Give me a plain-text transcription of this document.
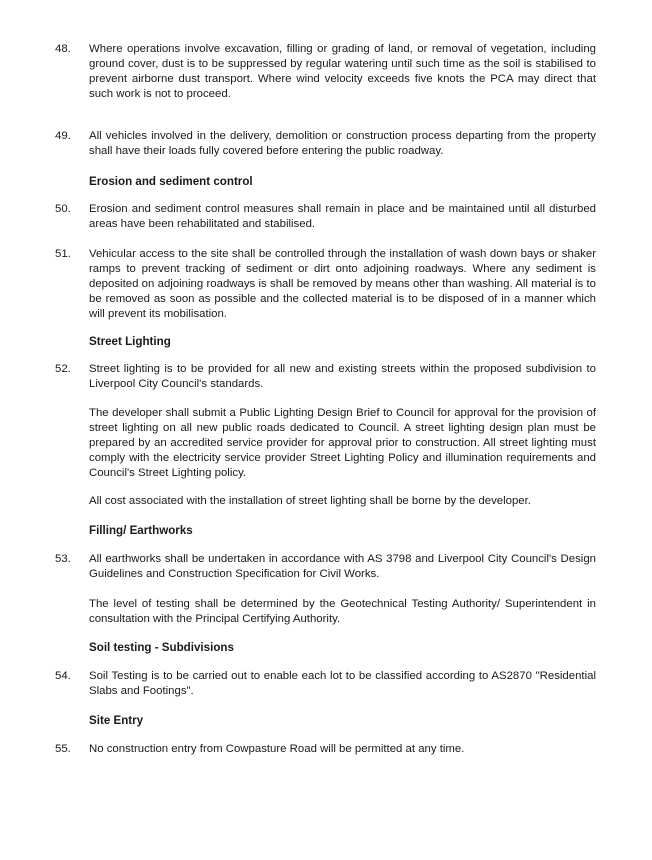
48.	Where operations involve excavation, filling or grading of land, or removal of vegetation, including ground cover, dust is to be suppressed by regular watering until such time as the soil is stabilised to prevent airborne dust transport. Where wind velocity exceeds five knots the PCA may direct that such work is not to proceed.
49.	All vehicles involved in the delivery, demolition or construction process departing from the property shall have their loads fully covered before entering the public roadway.
Erosion and sediment control
50.	Erosion and sediment control measures shall remain in place and be maintained until all disturbed areas have been rehabilitated and stabilised.
51.	Vehicular access to the site shall be controlled through the installation of wash down bays or shaker ramps to prevent tracking of sediment or dirt onto adjoining roadways. Where any sediment is deposited on adjoining roadways is shall be removed by means other than washing. All material is to be removed as soon as possible and the collected material is to be disposed of in a manner which will prevent its mobilisation.
Street Lighting
52.	Street lighting is to be provided for all new and existing streets within the proposed subdivision to Liverpool City Council's standards.
The developer shall submit a Public Lighting Design Brief to Council for approval for the provision of street lighting on all new public roads dedicated to Council. A street lighting design plan must be prepared by an accredited service provider for approval prior to construction. All street lighting must comply with the electricity service provider Street Lighting Policy and illumination requirements and Council's Street Lighting policy.
All cost associated with the installation of street lighting shall be borne by the developer.
Filling/ Earthworks
53.	All earthworks shall be undertaken in accordance with AS 3798 and Liverpool City Council's Design Guidelines and Construction Specification for Civil Works.
The level of testing shall be determined by the Geotechnical Testing Authority/ Superintendent in consultation with the Principal Certifying Authority.
Soil testing - Subdivisions
54.	Soil Testing is to be carried out to enable each lot to be classified according to AS2870 "Residential Slabs and Footings".
Site Entry
55.	No construction entry from Cowpasture Road will be permitted at any time.
